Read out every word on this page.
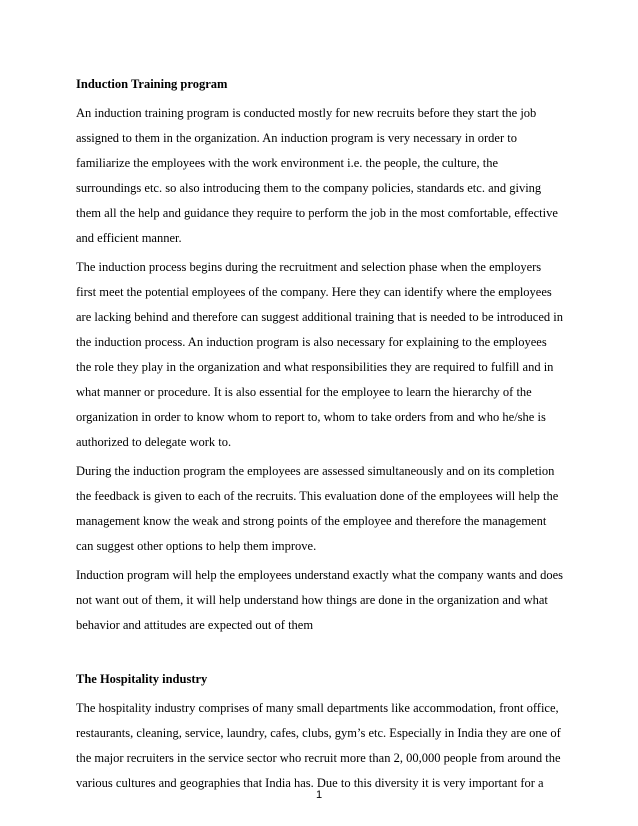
Induction Training program
An induction training program is conducted mostly for new recruits before they start the job
assigned to them in the organization. An induction program is very necessary in order to
familiarize the employees with the work environment i.e. the people, the culture, the
surroundings etc. so also introducing them to the company policies, standards etc. and giving
them all the help and guidance they require to perform the job in the most comfortable, effective
and efficient manner.
The induction process begins during the recruitment and selection phase when the employers
first meet the potential employees of the company. Here they can identify where the employees
are lacking behind and therefore can suggest additional training that is needed to be introduced in
the induction process. An induction program is also necessary for explaining to the employees
the role they play in the organization and what responsibilities they are required to fulfill and in
what manner or procedure. It is also essential for the employee to learn the hierarchy of the
organization in order to know whom to report to, whom to take orders from and who he/she is
authorized to delegate work to.
During the induction program the employees are assessed simultaneously and on its completion
the feedback is given to each of the recruits. This evaluation done of the employees will help the
management know the weak and strong points of the employee and therefore the management
can suggest other options to help them improve.
Induction program will help the employees understand exactly what the company wants and does
not want out of them, it will help understand how things are done in the organization and what
behavior and attitudes are expected out of them
The Hospitality industry
The hospitality industry comprises of many small departments like accommodation, front office,
restaurants, cleaning, service, laundry, cafes, clubs, gym’s etc. Especially in India they are one of
the major recruiters in the service sector who recruit more than 2, 00,000 people from around the
various cultures and geographies that India has. Due to this diversity it is very important for a
1
